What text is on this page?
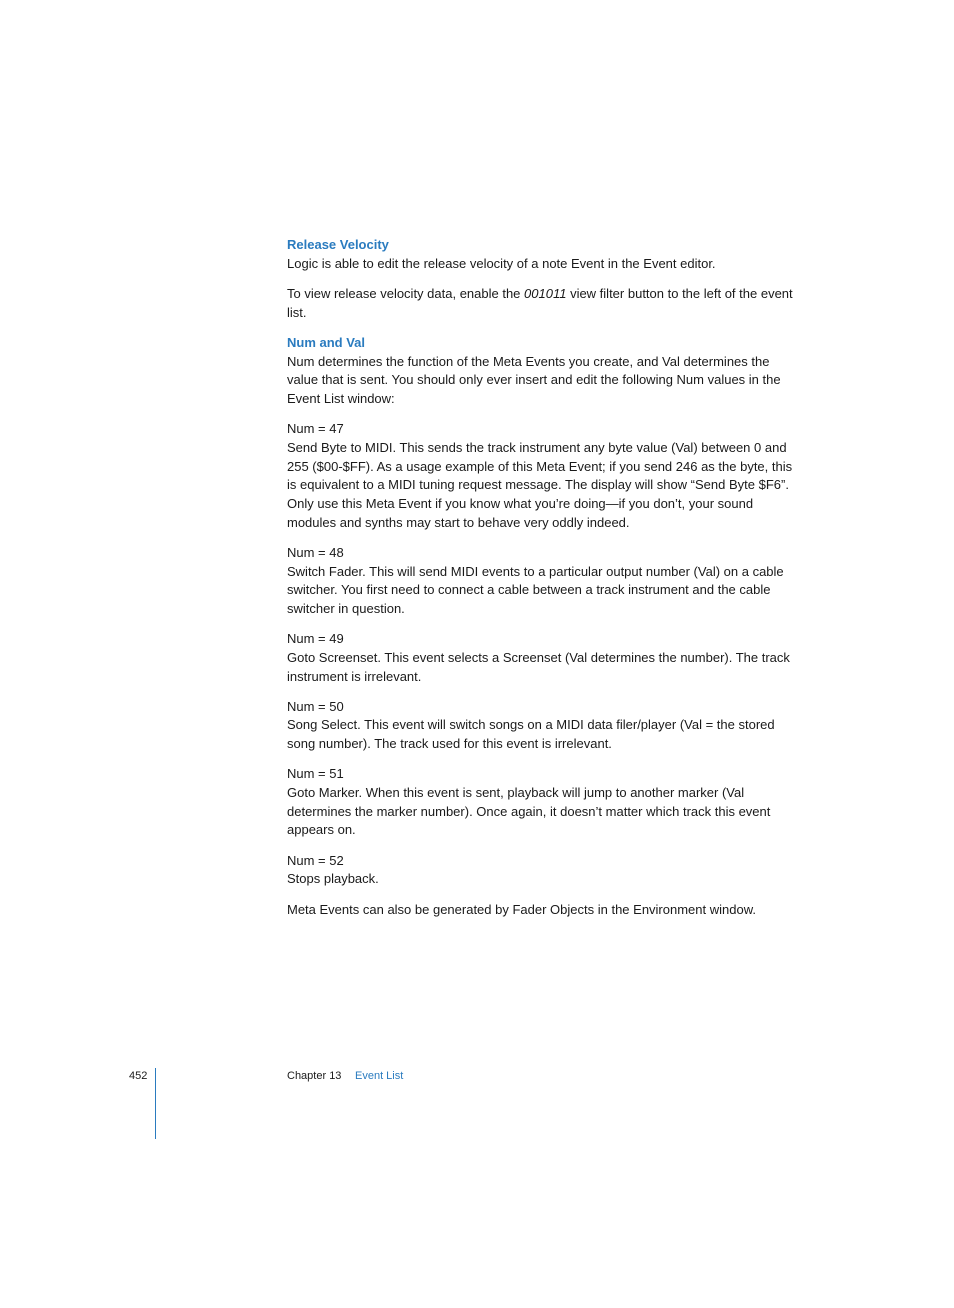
Release Velocity

Logic is able to edit the release velocity of a note Event in the Event editor.

To view release velocity data, enable the 001011 view filter button to the left of the event list.

Num and Val

Num determines the function of the Meta Events you create, and Val determines the value that is sent. You should only ever insert and edit the following Num values in the Event List window:

Num = 47

Send Byte to MIDI. This sends the track instrument any byte value (Val) between 0 and 255 ($00-$FF). As a usage example of this Meta Event; if you send 246 as the byte, this is equivalent to a MIDI tuning request message. The display will show “Send Byte $F6”. Only use this Meta Event if you know what you’re doing—if you don’t, your sound modules and synths may start to behave very oddly indeed.

Num = 48

Switch Fader. This will send MIDI events to a particular output number (Val) on a cable switcher. You first need to connect a cable between a track instrument and the cable switcher in question.

Num = 49

Goto Screenset. This event selects a Screenset (Val determines the number). The track instrument is irrelevant.

Num = 50

Song Select. This event will switch songs on a MIDI data filer/player (Val = the stored song number). The track used for this event is irrelevant.

Num = 51

Goto Marker. When this event is sent, playback will jump to another marker (Val determines the marker number). Once again, it doesn’t matter which track this event appears on.

Num = 52

Stops playback.

Meta Events can also be generated by Fader Objects in the Environment window.

452	Chapter 13 Event List
